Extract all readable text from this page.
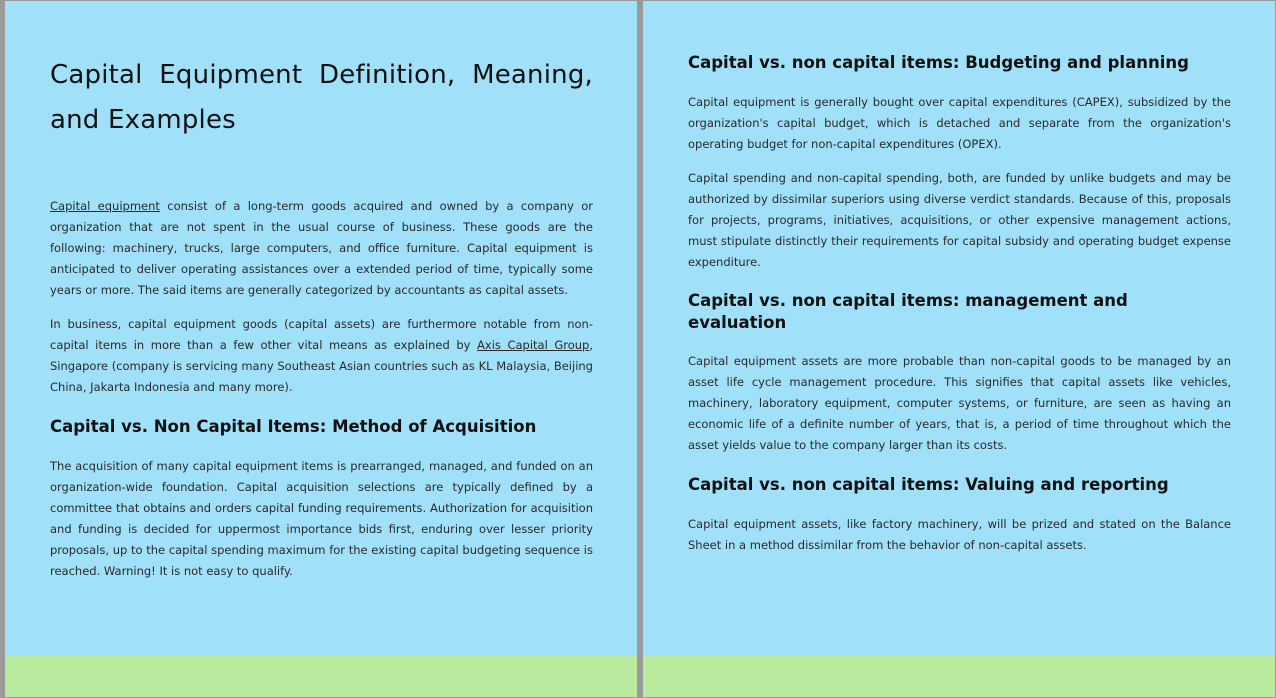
Capital Equipment Definition, Meaning, and Examples

Capital equipment consist of a long-term goods acquired and owned by a company or organization that are not spent in the usual course of business. These goods are the following: machinery, trucks, large computers, and office furniture. Capital equipment is anticipated to deliver operating assistances over a extended period of time, typically some years or more. The said items are generally categorized by accountants as capital assets.

In business, capital equipment goods (capital assets) are furthermore notable from non-capital items in more than a few other vital means as explained by Axis Capital Group, Singapore (company is servicing many Southeast Asian countries such as KL Malaysia, Beijing China, Jakarta Indonesia and many more).

Capital vs. Non Capital Items: Method of Acquisition

The acquisition of many capital equipment items is prearranged, managed, and funded on an organization-wide foundation. Capital acquisition selections are typically defined by a committee that obtains and orders capital funding requirements. Authorization for acquisition and funding is decided for uppermost importance bids first, enduring over lesser priority proposals, up to the capital spending maximum for the existing capital budgeting sequence is reached. Warning! It is not easy to qualify.

Capital vs. non capital items: Budgeting and planning

Capital equipment is generally bought over capital expenditures (CAPEX), subsidized by the organization's capital budget, which is detached and separate from the organization's operating budget for non-capital expenditures (OPEX).

Capital spending and non-capital spending, both, are funded by unlike budgets and may be authorized by dissimilar superiors using diverse verdict standards. Because of this, proposals for projects, programs, initiatives, acquisitions, or other expensive management actions, must stipulate distinctly their requirements for capital subsidy and operating budget expense expenditure.

Capital vs. non capital items: management and evaluation

Capital equipment assets are more probable than non-capital goods to be managed by an asset life cycle management procedure. This signifies that capital assets like vehicles, machinery, laboratory equipment, computer systems, or furniture, are seen as having an economic life of a definite number of years, that is, a period of time throughout which the asset yields value to the company larger than its costs.

Capital vs. non capital items: Valuing and reporting

Capital equipment assets, like factory machinery, will be prized and stated on the Balance Sheet in a method dissimilar from the behavior of non-capital assets.
